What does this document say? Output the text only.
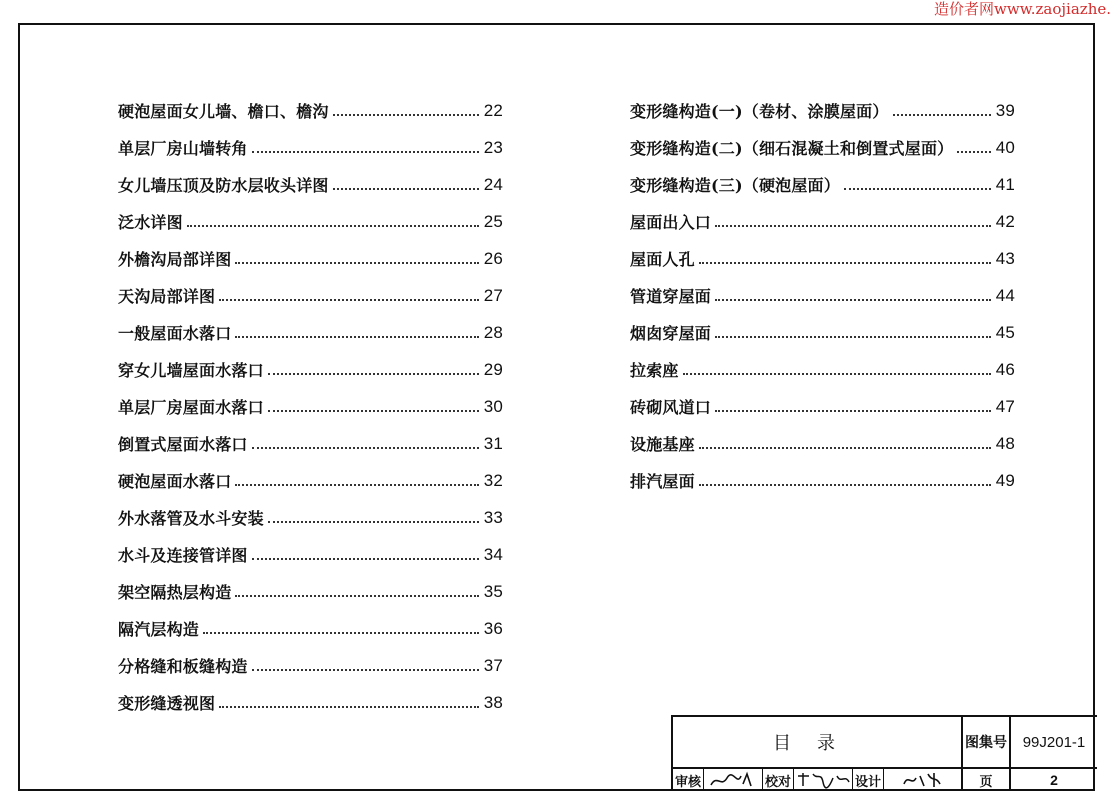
造价者网www.zaojiazhe.
硬泡屋面女儿墙、檐口、檐沟	22
单层厂房山墙转角	23
女儿墙压顶及防水层收头详图	24
泛水详图	25
外檐沟局部详图	26
天沟局部详图	27
一般屋面水落口	28
穿女儿墙屋面水落口	29
单层厂房屋面水落口	30
倒置式屋面水落口	31
硬泡屋面水落口	32
外水落管及水斗安装	33
水斗及连接管详图	34
架空隔热层构造	35
隔汽层构造	36
分格缝和板缝构造	37
变形缝透视图	38
变形缝构造(一)（卷材、涂膜屋面）	39
变形缝构造(二)（细石混凝土和倒置式屋面） 40
变形缝构造(三)（硬泡屋面）	41
屋面出入口	42
屋面人孔	43
管道穿屋面	44
烟囱穿屋面	45
拉索座	46
砖砌风道口	47
设施基座	48
排汽屋面	49
目录	图集号	99J201-1
审核	校对	设计	页	2
